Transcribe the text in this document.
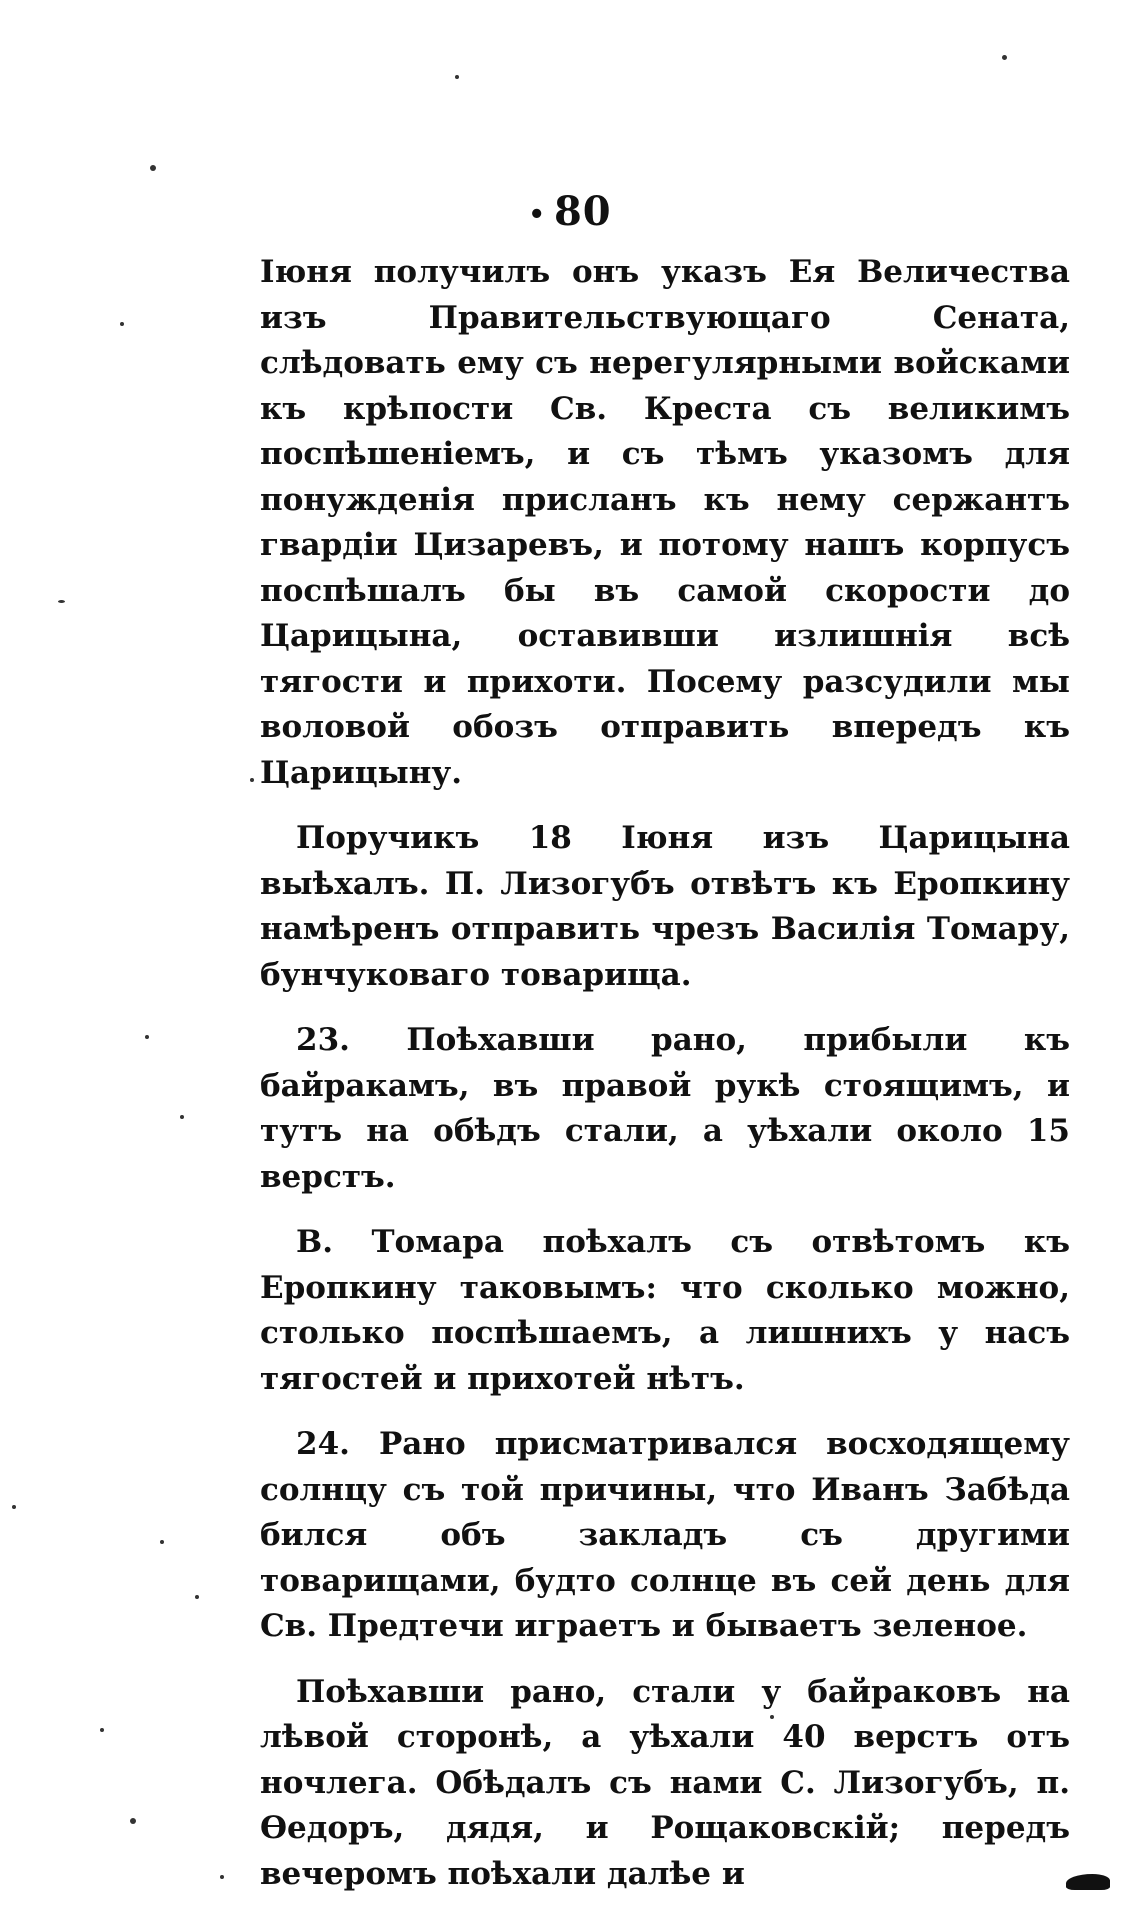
• 80

Іюня получилъ онъ указъ Ея Величества изъ Правительствующаго Сената, слѣдовать ему съ нерегулярными войсками къ крѣпости Св. Креста съ великимъ поспѣшеніемъ, и съ тѣмъ указомъ для понужденія присланъ къ нему сержантъ гвардіи Цизаревъ, и потому нашъ корпусъ поспѣшалъ бы въ самой скорости до Царицына, оставивши излишнія всѣ тягости и прихоти. Посему разсудили мы воловой обозъ отправить впередъ къ Царицыну.

Поручикъ 18 Іюня изъ Царицына выѣхалъ. П. Лизогубъ отвѣтъ къ Еропкину намѣренъ отправить чрезъ Василія Томару, бунчуковаго товарища.

23. Поѣхавши рано, прибыли къ байракамъ, въ правой рукѣ стоящимъ, и тутъ на обѣдъ стали, а уѣхали около 15 верстъ.

В. Томара поѣхалъ съ отвѣтомъ къ Еропкину таковымъ: что сколько можно, столько поспѣшаемъ, а лишнихъ у насъ тягостей и прихотей нѣтъ.

24. Рано присматривался восходящему солнцу съ той причины, что Иванъ Забѣда бился объ закладъ съ другими товарищами, будто солнце въ сей день для Св. Предтечи играетъ и бываетъ зеленое.

Поѣхавши рано, стали у байраковъ на лѣвой сторонѣ, а уѣхали 40 верстъ отъ ночлега. Обѣдалъ съ нами С. Лизогубъ, п. Ѳедоръ, дядя, и Рощаковскій; передъ вечеромъ поѣхали далѣе и
